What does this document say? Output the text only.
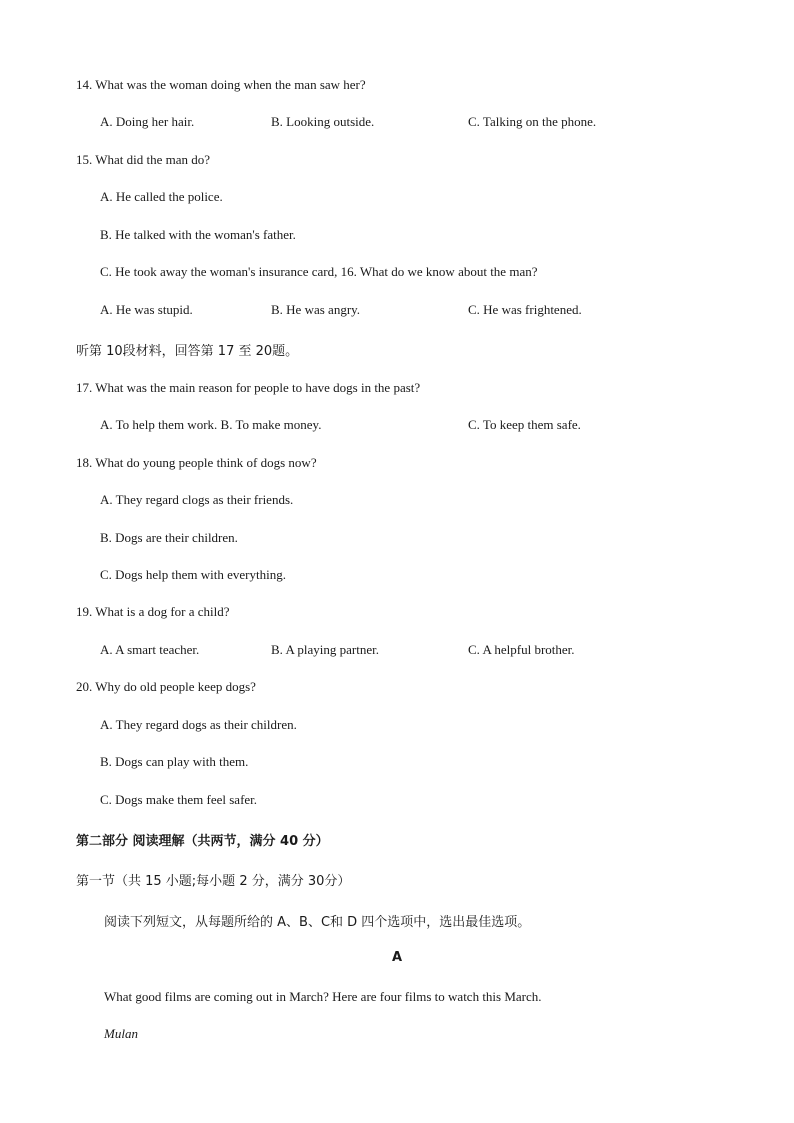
14. What was the woman doing when the man saw her?
A. Doing her hair.	B. Looking outside.	C. Talking on the phone.
15. What did the man do?
A. He called the police.
B. He talked with the woman's father.
C. He took away the woman's insurance card, 16. What do we know about the man?
A. He was stupid.	B. He was angry.	C. He was frightened.
听第 10段材料，回答第 17 至 20题。
17. What was the main reason for people to have dogs in the past?
A. To help them work. B. To make money.	C. To keep them safe.
18. What do young people think of dogs now?
A. They regard clogs as their friends.
B. Dogs are their children.
C. Dogs help them with everything.
19. What is a dog for a child?
A. A smart teacher.	B. A playing partner.	C. A helpful brother.
20. Why do old people keep dogs?
A. They regard dogs as their children.
B. Dogs can play with them.
C. Dogs make them feel safer.
第二部分 阅读理解（共两节，满分 40 分）
第一节（共 15 小题;每小题 2 分，满分 30分）
阅读下列短文，从每题所给的 A、B、C和 D 四个选项中，选出最佳选项。
A
What good films are coming out in March? Here are four films to watch this March.
Mulan
